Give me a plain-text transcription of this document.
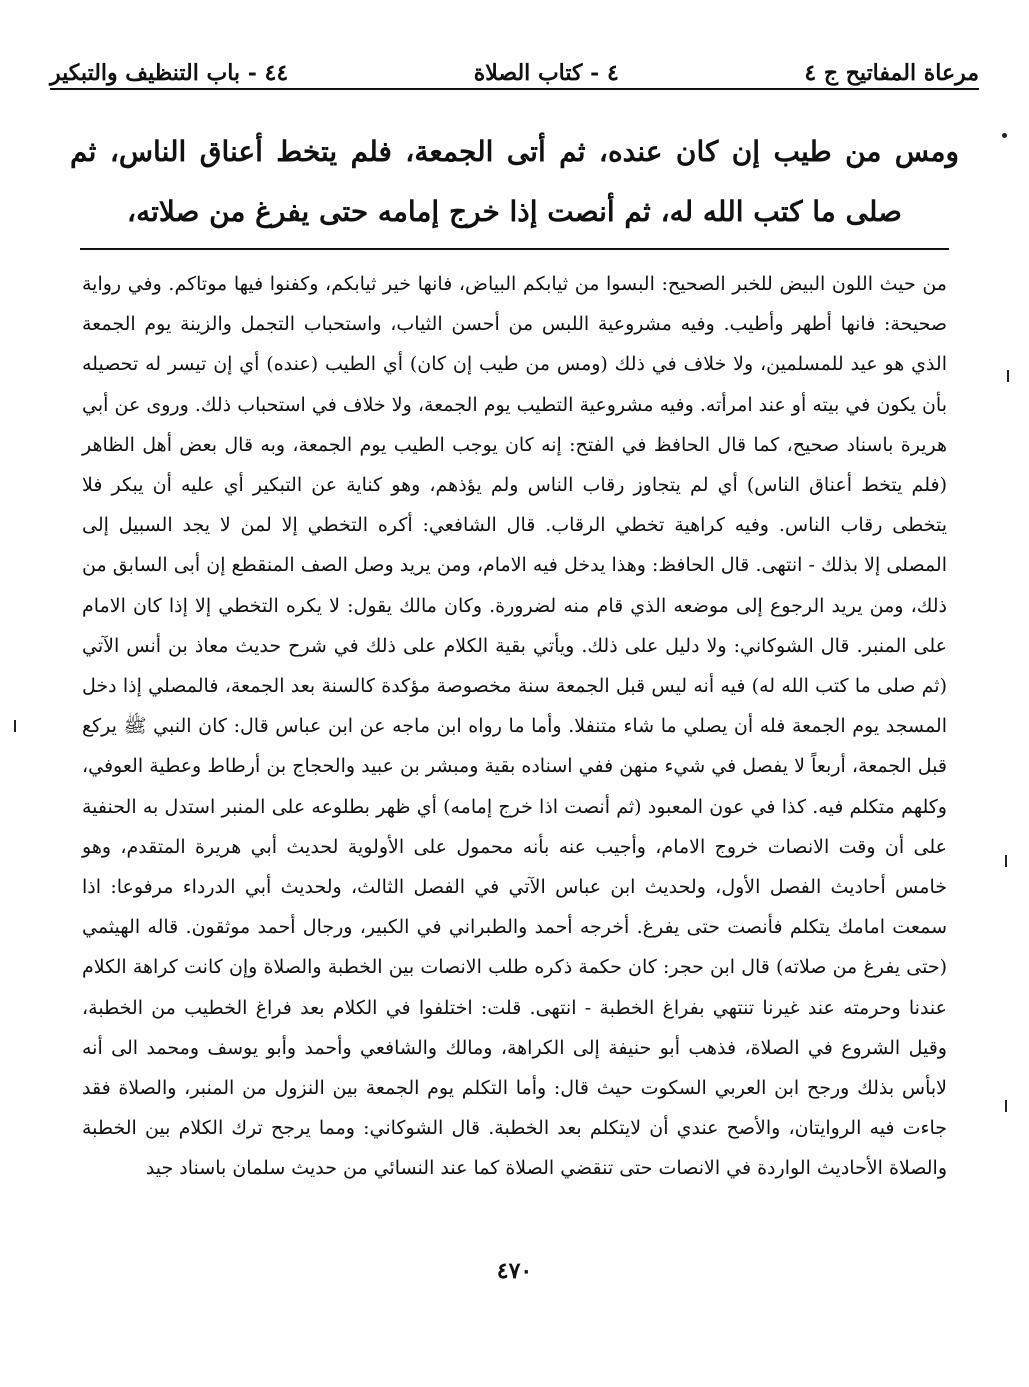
مرعاة المفاتيح ج ٤
٤ - كتاب الصلاة
٤٤ - باب التنظيف والتبكير
ومس من طيب إن كان عنده، ثم أتى الجمعة، فلم يتخط أعناق الناس، ثم صلى ما كتب الله له، ثم أنصت إذا خرج إمامه حتى يفرغ من صلاته،

من حيث اللون البيض للخبر الصحيح: البسوا من ثيابكم البياض، فانها خير ثيابكم، وكفنوا فيها موتاكم. وفي رواية صحيحة: فانها أطهر وأطيب. وفيه مشروعية اللبس من أحسن الثياب، واستحباب التجمل والزينة يوم الجمعة الذي هو عيد للمسلمين، ولا خلاف في ذلك (ومس من طيب إن كان) أي الطيب (عنده) أي إن تيسر له تحصيله بأن يكون في بيته أو عند امرأته. وفيه مشروعية التطيب يوم الجمعة، ولا خلاف في استحباب ذلك. وروى عن أبي هريرة باسناد صحيح، كما قال الحافظ في الفتح: إنه كان يوجب الطيب يوم الجمعة، وبه قال بعض أهل الظاهر (فلم يتخط أعناق الناس) أي لم يتجاوز رقاب الناس ولم يؤذهم، وهو كناية عن التبكير أي عليه أن يبكر فلا يتخطى رقاب الناس. وفيه كراهية تخطي الرقاب. قال الشافعي: أكره التخطي إلا لمن لا يجد السبيل إلى المصلى إلا بذلك - انتهى. قال الحافظ: وهذا يدخل فيه الامام، ومن يريد وصل الصف المنقطع إن أبى السابق من ذلك، ومن يريد الرجوع إلى موضعه الذي قام منه لضرورة. وكان مالك يقول: لا يكره التخطي إلا إذا كان الامام على المنبر. قال الشوكاني: ولا دليل على ذلك. ويأتي بقية الكلام على ذلك في شرح حديث معاذ بن أنس الآتي (ثم صلى ما كتب الله له) فيه أنه ليس قبل الجمعة سنة مخصوصة مؤكدة كالسنة بعد الجمعة، فالمصلي إذا دخل المسجد يوم الجمعة فله أن يصلي ما شاء متنفلا. وأما ما رواه ابن ماجه عن ابن عباس قال: كان النبي ﷺ يركع قبل الجمعة، أربعاً لا يفصل في شيء منهن ففي اسناده بقية ومبشر بن عبيد والحجاج بن أرطاط وعطية العوفي، وكلهم متكلم فيه. كذا في عون المعبود (ثم أنصت اذا خرج إمامه) أي ظهر بطلوعه على المنبر استدل به الحنفية على أن وقت الانصات خروج الامام، وأجيب عنه بأنه محمول على الأولوية لحديث أبي هريرة المتقدم، وهو خامس أحاديث الفصل الأول، ولحديث ابن عباس الآتي في الفصل الثالث، ولحديث أبي الدرداء مرفوعا: اذا سمعت امامك يتكلم فأنصت حتى يفرغ. أخرجه أحمد والطبراني في الكبير، ورجال أحمد موثقون. قاله الهيثمي (حتى يفرغ من صلاته) قال ابن حجر: كان حكمة ذكره طلب الانصات بين الخطبة والصلاة وإن كانت كراهة الكلام عندنا وحرمته عند غيرنا تنتهي بفراغ الخطبة - انتهى. قلت: اختلفوا في الكلام بعد فراغ الخطيب من الخطبة، وقيل الشروع في الصلاة، فذهب أبو حنيفة إلى الكراهة، ومالك والشافعي وأحمد وأبو يوسف ومحمد الى أنه لابأس بذلك ورجح ابن العربي السكوت حيث قال: وأما التكلم يوم الجمعة بين النزول من المنبر، والصلاة فقد جاءت فيه الروايتان، والأصح عندي أن لايتكلم بعد الخطبة. قال الشوكاني: ومما يرجح ترك الكلام بين الخطبة والصلاة الأحاديث الواردة في الانصات حتى تنقضي الصلاة كما عند النسائي من حديث سلمان باسناد جيد

٤٧٠
